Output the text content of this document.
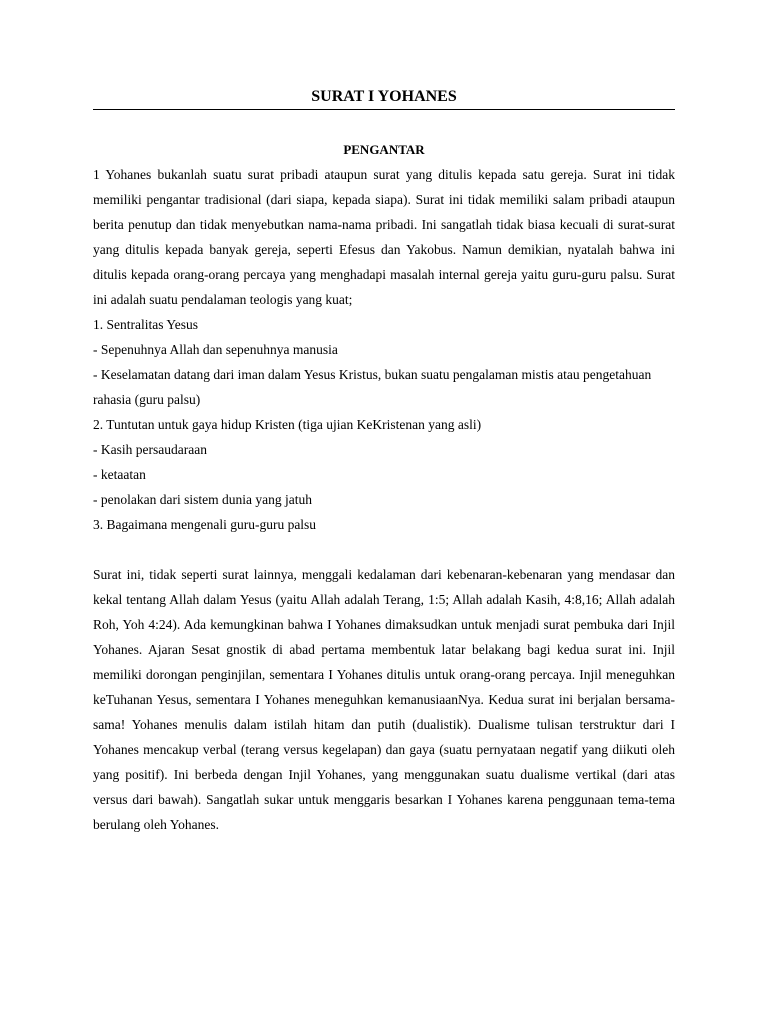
SURAT I YOHANES
PENGANTAR

1 Yohanes bukanlah suatu surat pribadi ataupun surat yang ditulis kepada satu gereja. Surat ini tidak memiliki pengantar tradisional (dari siapa, kepada siapa). Surat ini tidak memiliki salam pribadi ataupun berita penutup dan tidak menyebutkan nama-nama pribadi. Ini sangatlah tidak biasa kecuali di surat-surat yang ditulis kepada banyak gereja, seperti Efesus dan Yakobus. Namun demikian, nyatalah bahwa ini ditulis kepada orang-orang percaya yang menghadapi masalah internal gereja yaitu guru-guru palsu. Surat ini adalah suatu pendalaman teologis yang kuat;

1. Sentralitas Yesus

- Sepenuhnya Allah dan sepenuhnya manusia

- Keselamatan datang dari iman dalam Yesus Kristus, bukan suatu pengalaman mistis atau pengetahuan rahasia (guru palsu)

2. Tuntutan untuk gaya hidup Kristen (tiga ujian KeKristenan yang asli)

- Kasih persaudaraan

- ketaatan

- penolakan dari sistem dunia yang jatuh

3. Bagaimana mengenali guru-guru palsu

Surat ini, tidak seperti surat lainnya, menggali kedalaman dari kebenaran-kebenaran yang mendasar dan kekal tentang Allah dalam Yesus (yaitu Allah adalah Terang, 1:5; Allah adalah Kasih, 4:8,16; Allah adalah Roh, Yoh 4:24). Ada kemungkinan bahwa I Yohanes dimaksudkan untuk menjadi surat pembuka dari Injil Yohanes. Ajaran Sesat gnostik di abad pertama membentuk latar belakang bagi kedua surat ini. Injil memiliki dorongan penginjilan, sementara I Yohanes ditulis untuk orang-orang percaya. Injil meneguhkan keTuhanan Yesus, sementara I Yohanes meneguhkan kemanusiaanNya. Kedua surat ini berjalan bersama-sama! Yohanes menulis dalam istilah hitam dan putih (dualistik). Dualisme tulisan terstruktur dari I Yohanes mencakup verbal (terang versus kegelapan) dan gaya (suatu pernyataan negatif yang diikuti oleh yang positif). Ini berbeda dengan Injil Yohanes, yang menggunakan suatu dualisme vertikal (dari atas versus dari bawah). Sangatlah sukar untuk menggaris besarkan I Yohanes karena penggunaan tema-tema berulang oleh Yohanes.
